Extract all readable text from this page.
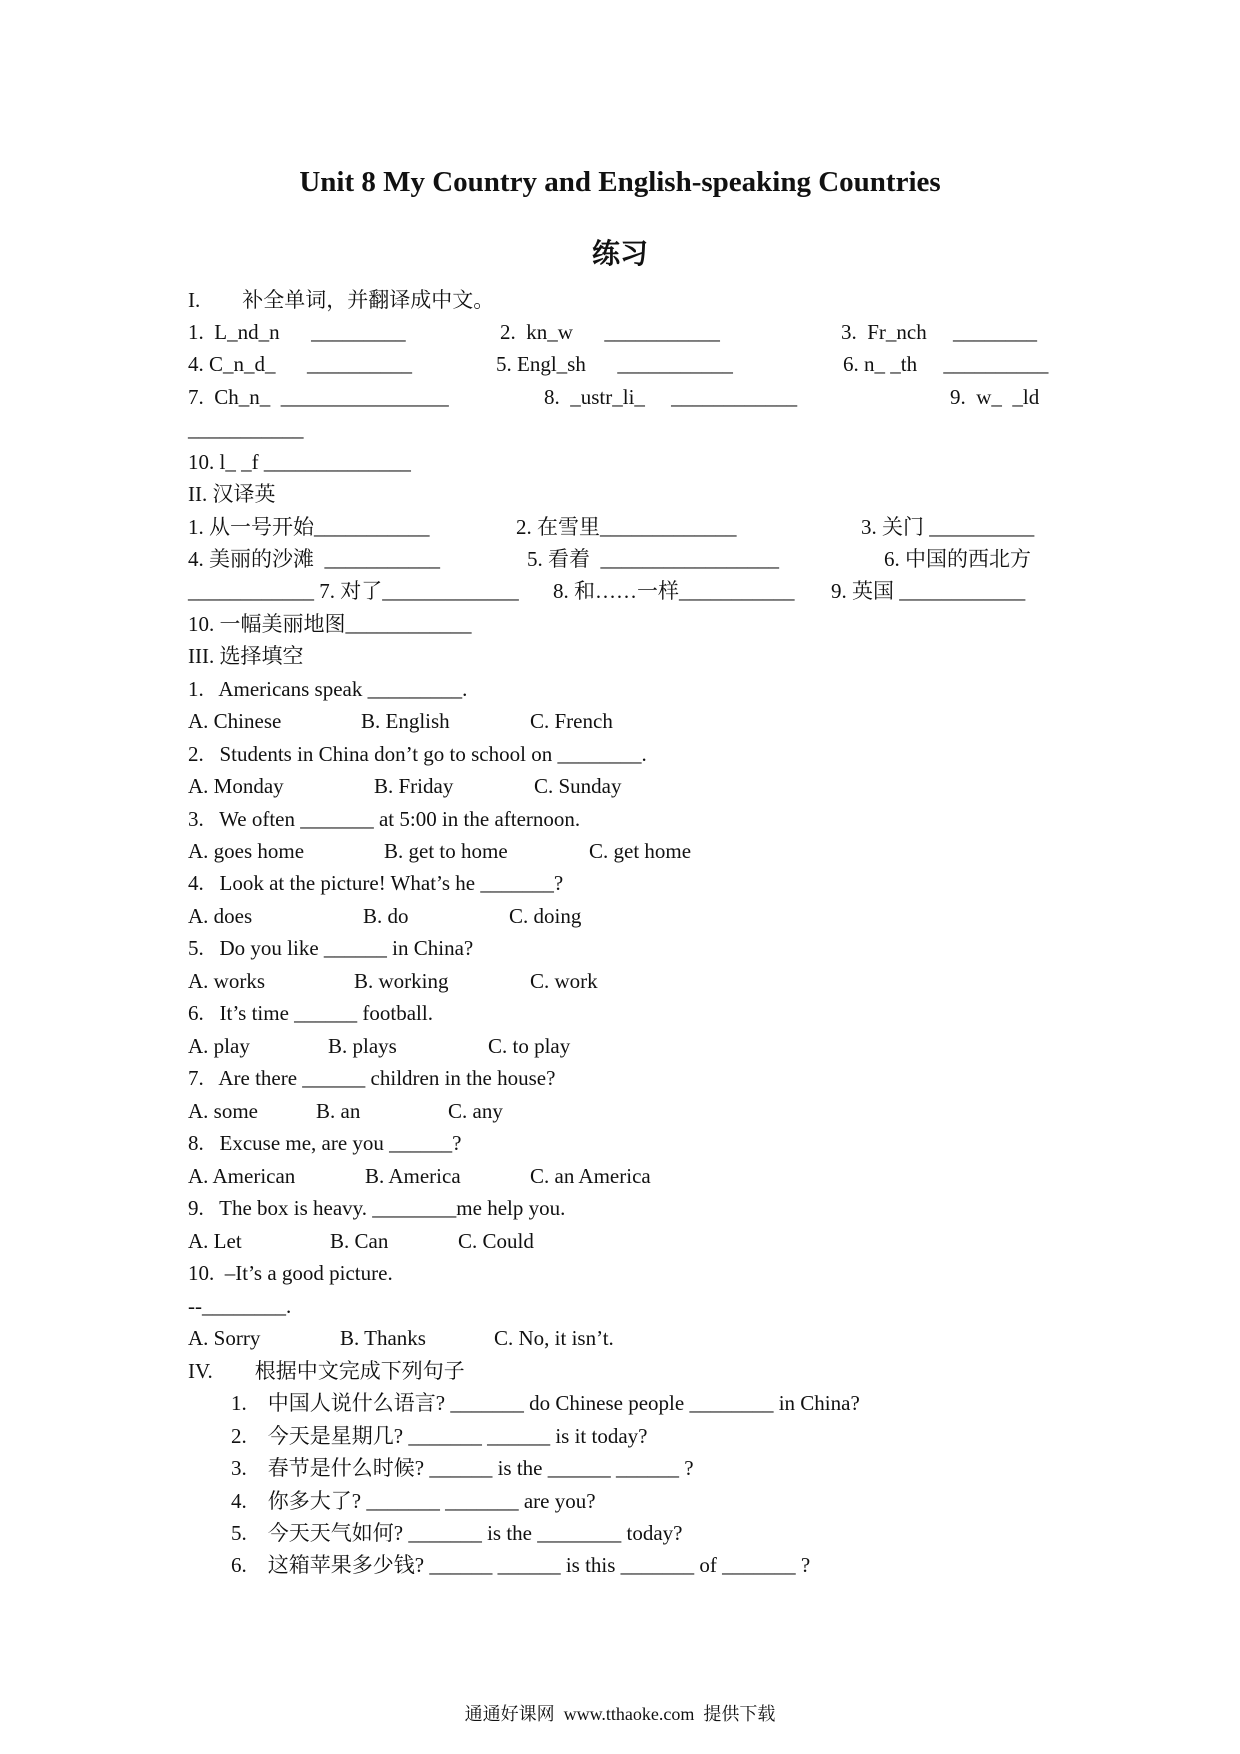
Unit 8 My Country and English-speaking Countries
练习
I.        补全单词，并翻译成中文。
1.  L_nd_n      _________	2.  kn_w      ___________	3.  Fr_nch     ________
4. C_n_d_      __________	5. Engl_sh      ___________	6. n_ _th     __________
7.  Ch_n_  ________________	8.  _ustr_li_     ____________	9.  w_  _ld
___________
10. l_ _f ______________
II. 汉译英
1. 从一号开始___________	2. 在雪里_____________	3. 关门 __________
4. 美丽的沙滩  ___________	5. 看着  _________________	6. 中国的西北方
____________ 7. 对了_____________ 8. 和……一样___________ 9. 英国 ____________
10. 一幅美丽地图____________
III. 选择填空
1.   Americans speak _________.
A. Chinese	B. English	C. French
2.   Students in China don’t go to school on ________.
A. Monday	B. Friday	C. Sunday
3.   We often _______ at 5:00 in the afternoon.
A. goes home	B. get to home	C. get home
4.   Look at the picture! What’s he _______?
A. does	B. do	C. doing
5.   Do you like ______ in China?
A. works	B. working	C. work
6.   It’s time ______ football.
A. play	B. plays	C. to play
7.   Are there ______ children in the house?
A. some	B. an	C. any
8.   Excuse me, are you ______?
A. American	B. America	C. an America
9.   The box is heavy. ________me help you.
A. Let	B. Can	C. Could
10.  –It’s a good picture.
--________.
A. Sorry	B. Thanks	C. No, it isn’t.
IV.        根据中文完成下列句子
1.    中国人说什么语言? _______ do Chinese people ________ in China?
2.    今天是星期几? _______ ______ is it today?
3.    春节是什么时候? ______ is the ______ ______ ?
4.    你多大了? _______ _______ are you?
5.    今天天气如何? _______ is the ________ today?
6.    这箱苹果多少钱? ______ ______ is this _______ of _______ ?
通通好课网  www.tthaoke.com  提供下载
